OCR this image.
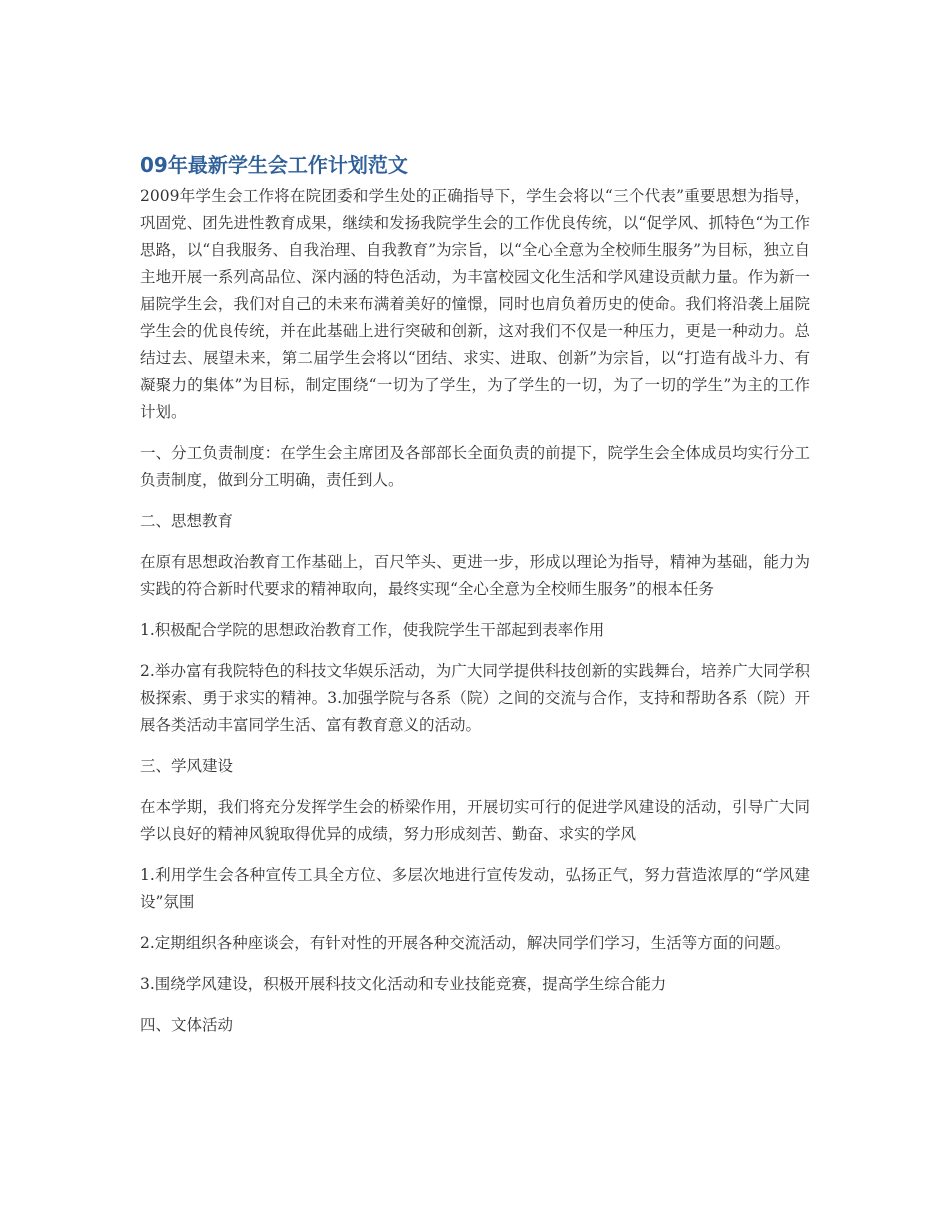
09年最新学生会工作计划范文

2009年学生会工作将在院团委和学生处的正确指导下，学生会将以“三个代表”重要思想为指导，巩固党、团先进性教育成果，继续和发扬我院学生会的工作优良传统，以“促学风、抓特色“为工作思路，以“自我服务、自我治理、自我教育”为宗旨，以“全心全意为全校师生服务”为目标，独立自主地开展一系列高品位、深内涵的特色活动，为丰富校园文化生活和学风建设贡献力量。作为新一届院学生会，我们对自己的未来布满着美好的憧憬，同时也肩负着历史的使命。我们将沿袭上届院学生会的优良传统，并在此基础上进行突破和创新，这对我们不仅是一种压力，更是一种动力。总结过去、展望未来，第二届学生会将以“团结、求实、进取、创新”为宗旨，以“打造有战斗力、有凝聚力的集体”为目标，制定围绕“一切为了学生，为了学生的一切，为了一切的学生”为主的工作计划。

一、分工负责制度：在学生会主席团及各部部长全面负责的前提下，院学生会全体成员均实行分工负责制度，做到分工明确，责任到人。

二、思想教育

在原有思想政治教育工作基础上，百尺竿头、更进一步，形成以理论为指导，精神为基础，能力为实践的符合新时代要求的精神取向，最终实现“全心全意为全校师生服务”的根本任务

1.积极配合学院的思想政治教育工作，使我院学生干部起到表率作用

2.举办富有我院特色的科技文华娱乐活动，为广大同学提供科技创新的实践舞台，培养广大同学积极探索、勇于求实的精神。3.加强学院与各系（院）之间的交流与合作，支持和帮助各系（院）开展各类活动丰富同学生活、富有教育意义的活动。

三、学风建设

在本学期，我们将充分发挥学生会的桥梁作用，开展切实可行的促进学风建设的活动，引导广大同学以良好的精神风貌取得优异的成绩，努力形成刻苦、勤奋、求实的学风

1.利用学生会各种宣传工具全方位、多层次地进行宣传发动，弘扬正气，努力营造浓厚的“学风建设”氛围

2.定期组织各种座谈会，有针对性的开展各种交流活动，解决同学们学习，生活等方面的问题。

3.围绕学风建设，积极开展科技文化活动和专业技能竞赛，提高学生综合能力

四、文体活动
